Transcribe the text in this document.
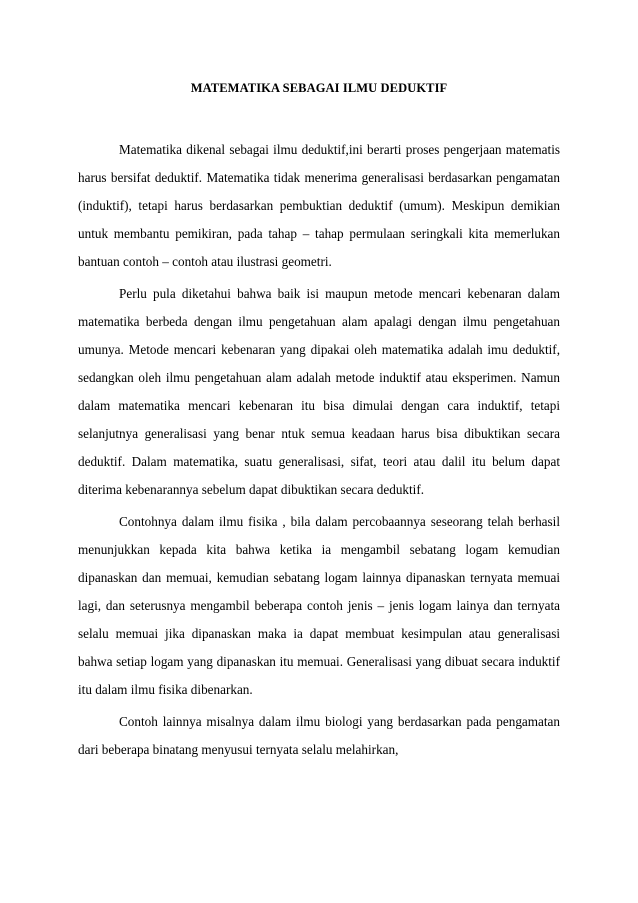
MATEMATIKA SEBAGAI ILMU DEDUKTIF

Matematika dikenal sebagai ilmu deduktif,ini berarti proses pengerjaan matematis harus bersifat deduktif. Matematika tidak menerima generalisasi berdasarkan pengamatan (induktif), tetapi harus berdasarkan pembuktian deduktif (umum). Meskipun demikian untuk membantu pemikiran, pada tahap – tahap permulaan seringkali kita memerlukan bantuan contoh – contoh atau ilustrasi geometri.

Perlu pula diketahui bahwa baik isi maupun metode mencari kebenaran dalam matematika berbeda dengan ilmu pengetahuan alam apalagi dengan ilmu pengetahuan umunya. Metode mencari kebenaran yang dipakai oleh matematika adalah imu deduktif, sedangkan oleh ilmu pengetahuan alam adalah metode induktif atau eksperimen. Namun dalam matematika mencari kebenaran itu bisa dimulai dengan cara induktif, tetapi selanjutnya generalisasi yang benar ntuk semua keadaan harus bisa dibuktikan secara deduktif. Dalam matematika, suatu generalisasi, sifat, teori atau dalil itu belum dapat diterima kebenarannya sebelum dapat dibuktikan secara deduktif.

Contohnya dalam ilmu fisika , bila dalam percobaannya seseorang telah berhasil menunjukkan kepada kita bahwa ketika ia mengambil sebatang logam kemudian dipanaskan dan memuai, kemudian sebatang logam lainnya dipanaskan ternyata memuai lagi, dan seterusnya mengambil beberapa contoh jenis – jenis logam lainya dan ternyata selalu memuai jika dipanaskan maka ia dapat membuat kesimpulan atau generalisasi bahwa setiap logam yang dipanaskan itu memuai. Generalisasi yang dibuat secara induktif itu dalam ilmu fisika dibenarkan.

Contoh lainnya misalnya dalam ilmu biologi yang berdasarkan pada pengamatan dari beberapa binatang menyusui ternyata selalu melahirkan,
